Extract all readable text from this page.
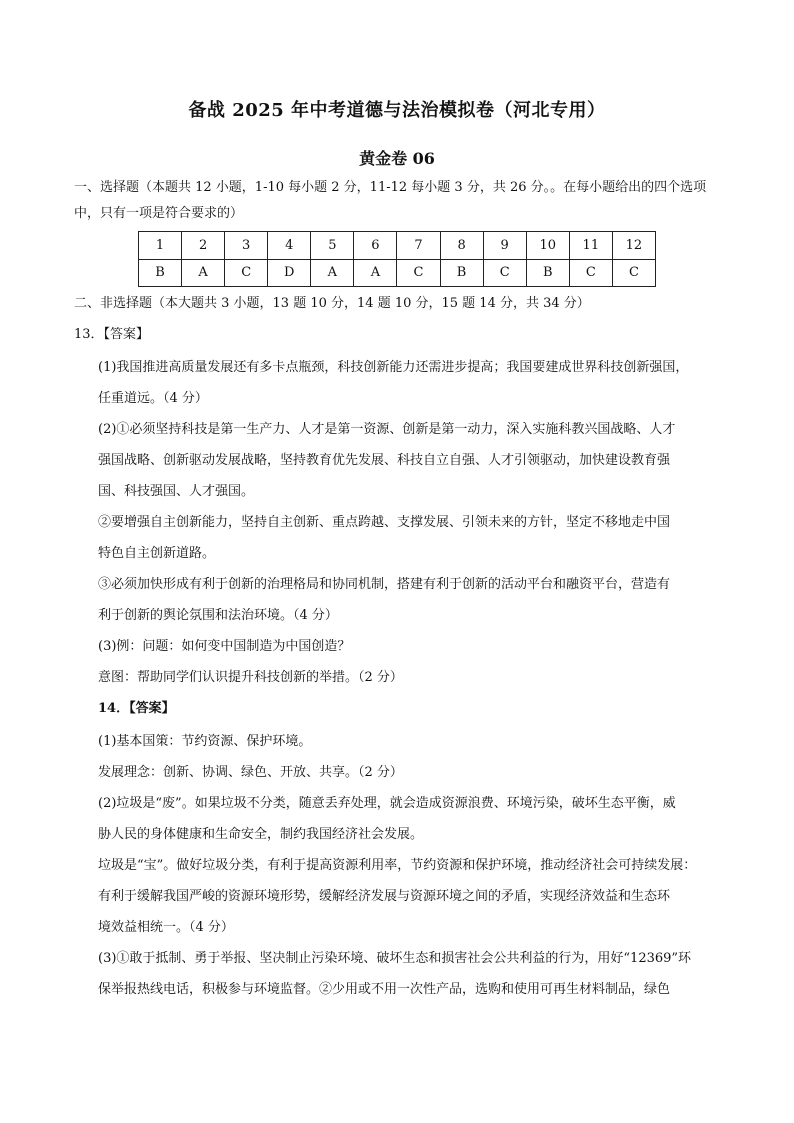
备战 2025 年中考道德与法治模拟卷（河北专用）
黄金卷 06
一、选择题（本题共 12 小题，1-10 每小题 2 分，11-12 每小题 3 分，共 26 分。。在每小题给出的四个选项
中，只有一项是符合要求的）
1	2	3	4	5	6	7	8	9	10	11	12
B	A	C	D	A	A	C	B	C	B	C	C
二、非选择题（本大题共 3 小题，13 题 10 分，14 题 10 分，15 题 14 分，共 34 分）
13．【答案】
(1)我国推进高质量发展还有多卡点瓶颈，科技创新能力还需进步提高；我国要建成世界科技创新强国，
任重道远。（4 分）
(2)①必须坚持科技是第一生产力、人才是第一资源、创新是第一动力，深入实施科教兴国战略、人才
强国战略、创新驱动发展战略，坚持教育优先发展、科技自立自强、人才引领驱动，加快建设教育强
国、科技强国、人才强国。
②要增强自主创新能力，坚持自主创新、重点跨越、支撑发展、引领未来的方针，坚定不移地走中国
特色自主创新道路。
③必须加快形成有利于创新的治理格局和协同机制，搭建有利于创新的活动平台和融资平台，营造有
利于创新的舆论氛围和法治环境。（4 分）
(3)例：问题：如何变中国制造为中国创造？
意图：帮助同学们认识提升科技创新的举措。（2 分）
14．【答案】
(1)基本国策：节约资源、保护环境。
发展理念：创新、协调、绿色、开放、共享。（2 分）
(2)垃圾是“废”。如果垃圾不分类，随意丢弃处理，就会造成资源浪费、环境污染，破坏生态平衡，威
胁人民的身体健康和生命安全，制约我国经济社会发展。
垃圾是“宝”。做好垃圾分类，有利于提高资源利用率，节约资源和保护环境，推动经济社会可持续发展：
有利于缓解我国严峻的资源环境形势，缓解经济发展与资源环境之间的矛盾，实现经济效益和生态环
境效益相统一。（4 分）
(3)①敢于抵制、勇于举报、坚决制止污染环境、破坏生态和损害社会公共利益的行为，用好“12369”环
保举报热线电话，积极参与环境监督。②少用或不用一次性产品，选购和使用可再生材料制品，绿色
